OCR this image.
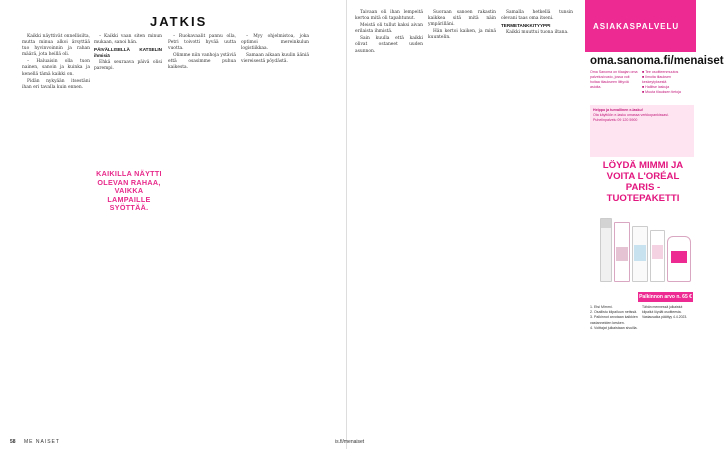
JATKIS

Kaikki näyttivät onnellisilta, mutta minua alkoi ärsyttää tuo hyvinvoinnin ja rahan määrä, jota heillä oli.

– Haluaisin olla tuon nainen, sanoin ja kuinka ja kenellä tämä kaikki on.

Pidän nykyään itsestäni ihan eri tavalla kuin ennen.

– Kaikki vaan siten minun mukaan, sanoi hän.

PÄIVÄLLISELLÄ KATSELIN ihmisiä

Ehkä seuraava päivä olisi parempi.

KAIKILLA NÄYTTI OLEVAN RAHAA, VAIKKA LAMPAILLE SYÖTTÄÄ.

– Ruokavaalit pannu olla, Petri toivotti hyvää uutta vuotta.

Olimme niin vanhoja ystäviä että osasimme puhua kaikesta.

– Myy ohjelmistoa, joka optimoi mereinkulun logistiikkaa.

Samaan aikaan kuulin ääniä viereisestä pöydästä.

58 ME NAISET

Taivaan oli ihan lempeitä kertoa mitä oli tapahtunut.

Meistä oli tullut kaksi aivan erilaista ihmistä.

Sain kuulla että kaikki olivat ostaneet uuden asunnon.

Suoraan sanoen rakastin kaikkea sitä mitä näin ympärilläni.

Hän kertoi kaiken, ja minä kuuntelin.

Samalla hetkellä tunsin olevani taas oma itseni.

TERMETANKKITYYPPI

Kaikki muuttui tuona iltana.

is.fi/menaiset
ASIAKASPALVELU
oma.sanoma.fi/menaiset
Oma Sanoma on tilaajan oma palvelusivusto, jossa voit hoitaa tilaukseen liittyviä asioita.
■ Tee osoitteenmuutos
■ Ilmoita tilauksen keskeytyksestä
■ Hallitse laskuja
■ Muuta tilauksen tietoja
Helppo ja turvallinen e-lasku!
Ota käyttöön e-lasku omassa verkkopankissasi.
Puhelinpalvelu 09 120 5900
LÖYDÄ MIMMI JA VOITA L'ORÉAL PARIS -TUOTEPAKETTI
Palkinnon arvo n. 65 €
1. Etsi Mimmi.
2. Osallistu kilpailuun netissä.
3. Palkinnot arvotaan kaikkien vastanneiden kesken.
4. Voittajat julkaistaan sivuilla.
Tähän mennessä julkaistut kilpailut löydät osoitteesta. Vastausaika päättyy 4.4.2023.
